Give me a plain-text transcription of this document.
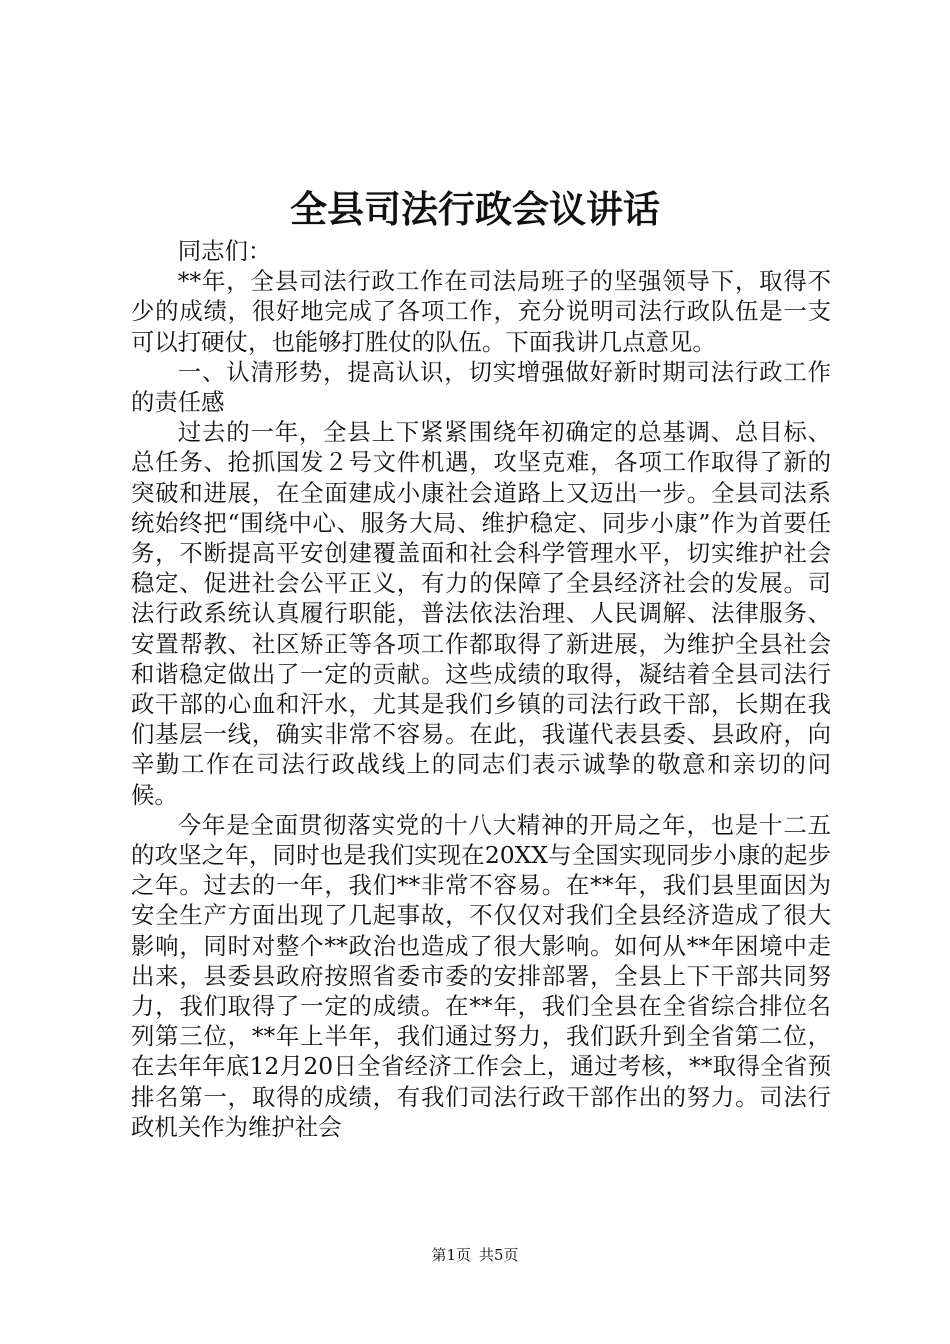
全县司法行政会议讲话

同志们：

**年，全县司法行政工作在司法局班子的坚强领导下，取得不少的成绩，很好地完成了各项工作，充分说明司法行政队伍是一支可以打硬仗，也能够打胜仗的队伍。下面我讲几点意见。

一、认清形势，提高认识，切实增强做好新时期司法行政工作的责任感

过去的一年，全县上下紧紧围绕年初确定的总基调、总目标、总任务、抢抓国发２号文件机遇，攻坚克难，各项工作取得了新的突破和进展，在全面建成小康社会道路上又迈出一步。全县司法系统始终把“围绕中心、服务大局、维护稳定、同步小康”作为首要任务，不断提高平安创建覆盖面和社会科学管理水平，切实维护社会稳定、促进社会公平正义，有力的保障了全县经济社会的发展。司法行政系统认真履行职能，普法依法治理、人民调解、法律服务、安置帮教、社区矫正等各项工作都取得了新进展，为维护全县社会和谐稳定做出了一定的贡献。这些成绩的取得，凝结着全县司法行政干部的心血和汗水，尤其是我们乡镇的司法行政干部，长期在我们基层一线，确实非常不容易。在此，我谨代表县委、县政府，向辛勤工作在司法行政战线上的同志们表示诚挚的敬意和亲切的问候。

今年是全面贯彻落实党的十八大精神的开局之年，也是十二五的攻坚之年，同时也是我们实现在20XX与全国实现同步小康的起步之年。过去的一年，我们**非常不容易。在**年，我们县里面因为安全生产方面出现了几起事故，不仅仅对我们全县经济造成了很大影响，同时对整个**政治也造成了很大影响。如何从**年困境中走出来，县委县政府按照省委市委的安排部署，全县上下干部共同努力，我们取得了一定的成绩。在**年，我们全县在全省综合排位名列第三位，**年上半年，我们通过努力，我们跃升到全省第二位，在去年年底12月20日全省经济工作会上，通过考核，**取得全省预排名第一，取得的成绩，有我们司法行政干部作出的努力。司法行政机关作为维护社会

第1页 共5页
